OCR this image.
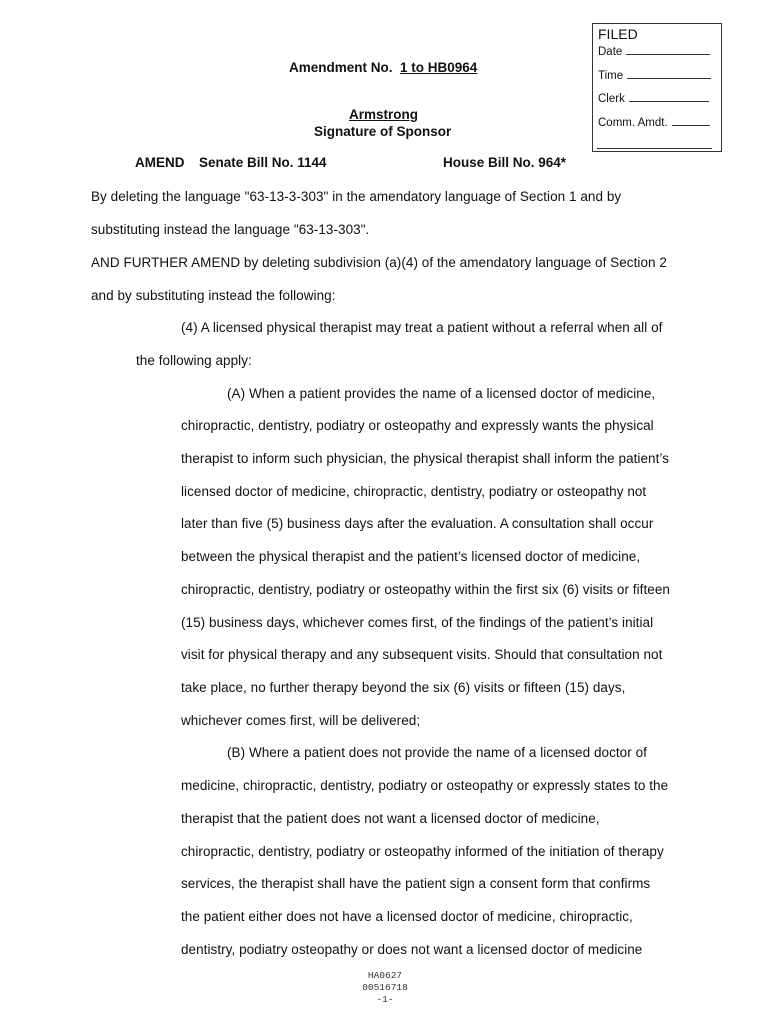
FILED
Date
Time
Clerk
Comm. Amdt.
Amendment No. 1 to HB0964
Armstrong
Signature of Sponsor
AMEND Senate Bill No. 1144	House Bill No. 964*
By deleting the language "63-13-3-303" in the amendatory language of Section 1 and by
substituting instead the language "63-13-303".
AND FURTHER AMEND by deleting subdivision (a)(4) of the amendatory language of Section 2
and by substituting instead the following:
(4) A licensed physical therapist may treat a patient without a referral when all of
the following apply:
(A) When a patient provides the name of a licensed doctor of medicine,
chiropractic, dentistry, podiatry or osteopathy and expressly wants the physical
therapist to inform such physician, the physical therapist shall inform the patient’s
licensed doctor of medicine, chiropractic, dentistry, podiatry or osteopathy not
later than five (5) business days after the evaluation. A consultation shall occur
between the physical therapist and the patient’s licensed doctor of medicine,
chiropractic, dentistry, podiatry or osteopathy within the first six (6) visits or fifteen
(15) business days, whichever comes first, of the findings of the patient’s initial
visit for physical therapy and any subsequent visits. Should that consultation not
take place, no further therapy beyond the six (6) visits or fifteen (15) days,
whichever comes first, will be delivered;
(B) Where a patient does not provide the name of a licensed doctor of
medicine, chiropractic, dentistry, podiatry or osteopathy or expressly states to the
therapist that the patient does not want a licensed doctor of medicine,
chiropractic, dentistry, podiatry or osteopathy informed of the initiation of therapy
services, the therapist shall have the patient sign a consent form that confirms
the patient either does not have a licensed doctor of medicine, chiropractic,
dentistry, podiatry osteopathy or does not want a licensed doctor of medicine
HA0627
00516718
-1-
